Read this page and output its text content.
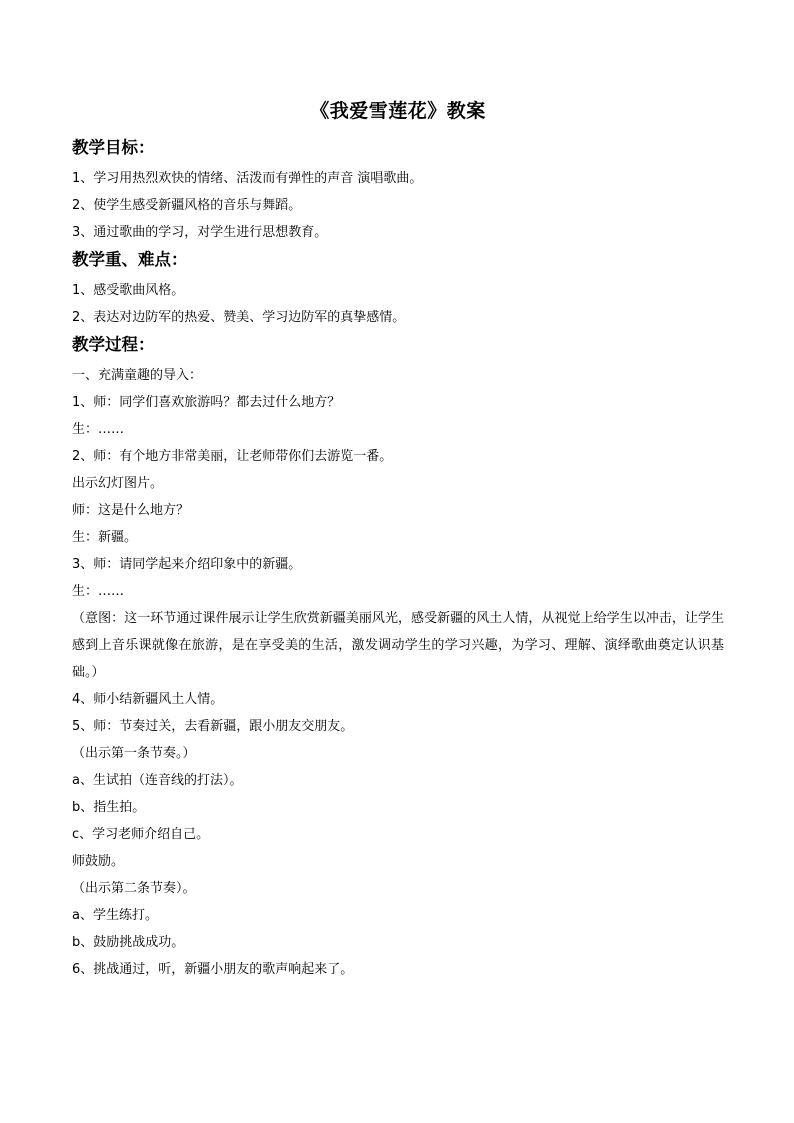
《我爱雪莲花》教案
教学目标：
1、学习用热烈欢快的情绪、活泼而有弹性的声音 演唱歌曲。
2、使学生感受新疆风格的音乐与舞蹈。
3、通过歌曲的学习，对学生进行思想教育。
教学重、难点：
1、感受歌曲风格。
2、表达对边防军的热爱、赞美、学习边防军的真挚感情。
教学过程：
一、充满童趣的导入：
1、师：同学们喜欢旅游吗？都去过什么地方？
生：……
2、师：有个地方非常美丽，让老师带你们去游览一番。
出示幻灯图片。
师：这是什么地方？
生：新疆。
3、师：请同学起来介绍印象中的新疆。
生：……
（意图：这一环节通过课件展示让学生欣赏新疆美丽风光，感受新疆的风土人情，从视觉上给学生以冲击，让学生感到上音乐课就像在旅游，是在享受美的生活，激发调动学生的学习兴趣，为学习、理解、演绎歌曲奠定认识基础。）
4、师小结新疆风土人情。
5、师：节奏过关，去看新疆，跟小朋友交朋友。
（出示第一条节奏。）
a、生试拍（连音线的打法）。
b、指生拍。
c、学习老师介绍自己。
师鼓励。
（出示第二条节奏）。
a、学生练打。
b、鼓励挑战成功。
6、挑战通过，听，新疆小朋友的歌声响起来了。
